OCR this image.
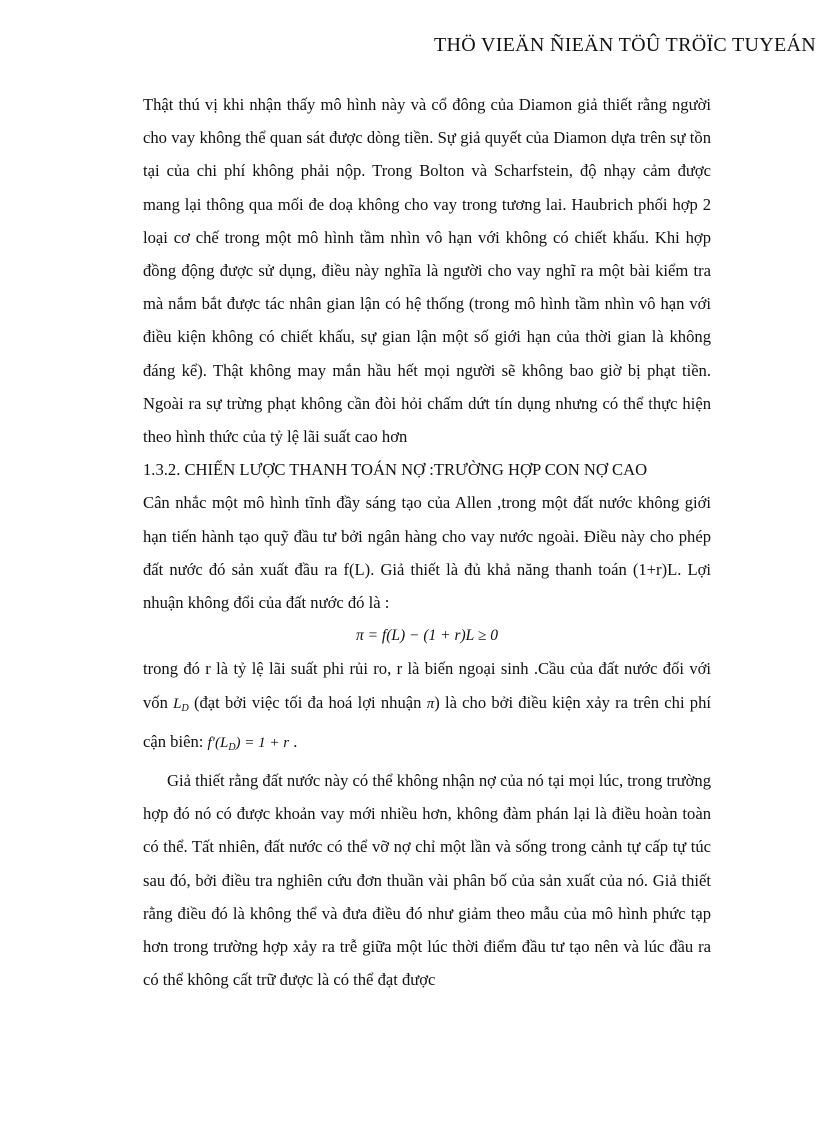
THÖ VIEÄN ÑIEÄN TÖÛ TRÖÏC TUYEÁN

Thật thú vị khi nhận thấy mô hình này và cổ đông của Diamon giả thiết rằng người cho vay không thể quan sát được dòng tiền. Sự giả quyết của Diamon dựa trên sự tồn tại của chi phí không phải nộp. Trong Bolton và Scharfstein, độ nhạy cảm được mang lại thông qua mối đe doạ không cho vay trong tương lai. Haubrich phối hợp 2 loại cơ chế trong một mô hình tầm nhìn vô hạn với không có chiết khấu. Khi hợp đồng động được sử dụng, điều này nghĩa là người cho vay nghĩ ra một bài kiểm tra mà nắm bắt được tác nhân gian lận có hệ thống (trong mô hình tầm nhìn vô hạn với điều kiện không có chiết khấu, sự gian lận một số giới hạn của thời gian là không đáng kể). Thật không may mắn hầu hết mọi người sẽ không bao giờ bị phạt tiền. Ngoài ra sự trừng phạt không cần đòi hỏi chấm dứt tín dụng nhưng có thể thực hiện theo hình thức của tỷ lệ lãi suất cao hơn

1.3.2. CHIẾN LƯỢC THANH TOÁN NỢ :TRƯỜNG HỢP CON NỢ CAO

Cân nhắc một mô hình tĩnh đầy sáng tạo của Allen ,trong một đất nước không giới hạn tiến hành tạo quỹ đầu tư bởi ngân hàng cho vay nước ngoài. Điều này cho phép đất nước đó sản xuất đầu ra f(L). Giả thiết là đủ khả năng thanh toán (1+r)L. Lợi nhuận không đổi của đất nước đó là :

π = f(L) − (1 + r)L ≥ 0

trong đó r là tỷ lệ lãi suất phi rủi ro, r là biến ngoại sinh .Cầu của đất nước đối với vốn $L_D$ (đạt bởi việc tối đa hoá lợi nhuận π) là cho bởi điều kiện xảy ra trên chi phí cận biên: $f'(L_D) = 1 + r$ .

Giả thiết rằng đất nước này có thể không nhận nợ của nó tại mọi lúc, trong trường hợp đó nó có được khoản vay mới nhiều hơn, không đàm phán lại là điều hoàn toàn có thể. Tất nhiên, đất nước có thể vỡ nợ chỉ một lần và sống trong cảnh tự cấp tự túc sau đó, bởi điều tra nghiên cứu đơn thuần vài phân bố của sản xuất của nó. Giả thiết rằng điều đó là không thể và đưa điều đó như giảm theo mẫu của mô hình phức tạp hơn trong trường hợp xảy ra trễ giữa một lúc thời điểm đầu tư tạo nên và lúc đầu ra có thể không cất trữ được là có thể đạt được
